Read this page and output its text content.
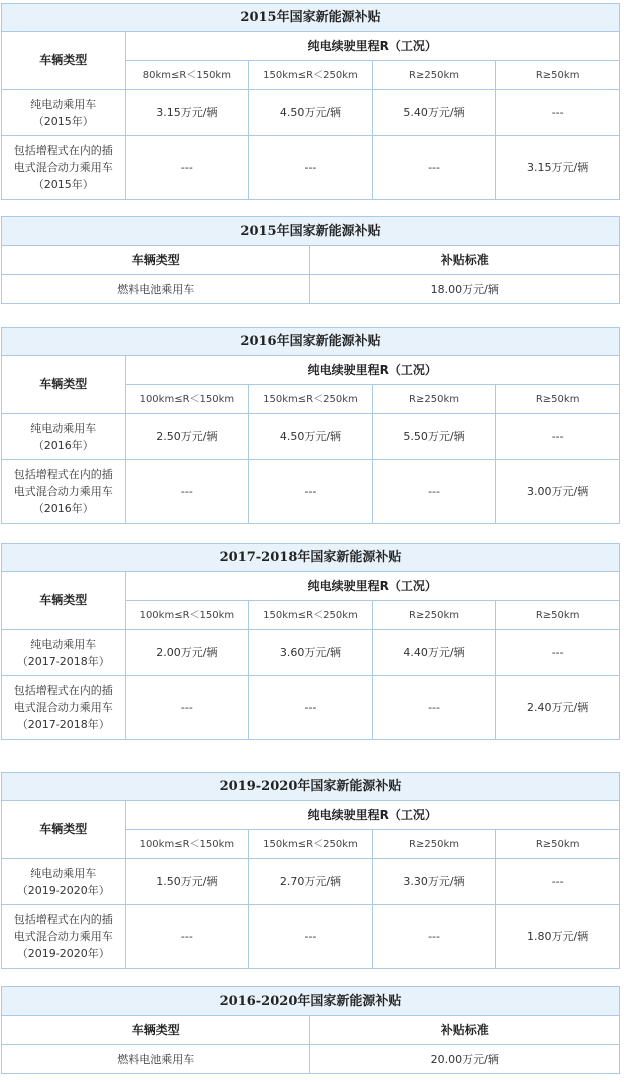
2015年国家新能源补贴				
车辆类型	纯电续驶里程R（工况）			
	80km≤R＜150km	150km≤R＜250km	R≥250km	R≥50km
纯电动乘用车
（2015年）	3.15万元/辆	4.50万元/辆	5.40万元/辆	---
包括增程式在内的插
电式混合动力乘用车
（2015年）	---	---	---	3.15万元/辆
2015年国家新能源补贴	
车辆类型	补贴标准
燃料电池乘用车	18.00万元/辆
2016年国家新能源补贴				
车辆类型	纯电续驶里程R（工况）			
	100km≤R＜150km	150km≤R＜250km	R≥250km	R≥50km
纯电动乘用车
（2016年）	2.50万元/辆	4.50万元/辆	5.50万元/辆	---
包括增程式在内的插
电式混合动力乘用车
（2016年）	---	---	---	3.00万元/辆
2017-2018年国家新能源补贴				
车辆类型	纯电续驶里程R（工况）			
	100km≤R＜150km	150km≤R＜250km	R≥250km	R≥50km
纯电动乘用车
（2017-2018年）	2.00万元/辆	3.60万元/辆	4.40万元/辆	---
包括增程式在内的插
电式混合动力乘用车
（2017-2018年）	---	---	---	2.40万元/辆
2019-2020年国家新能源补贴				
车辆类型	纯电续驶里程R（工况）			
	100km≤R＜150km	150km≤R＜250km	R≥250km	R≥50km
纯电动乘用车
（2019-2020年）	1.50万元/辆	2.70万元/辆	3.30万元/辆	---
包括增程式在内的插
电式混合动力乘用车
（2019-2020年）	---	---	---	1.80万元/辆
2016-2020年国家新能源补贴	
车辆类型	补贴标准
燃料电池乘用车	20.00万元/辆
